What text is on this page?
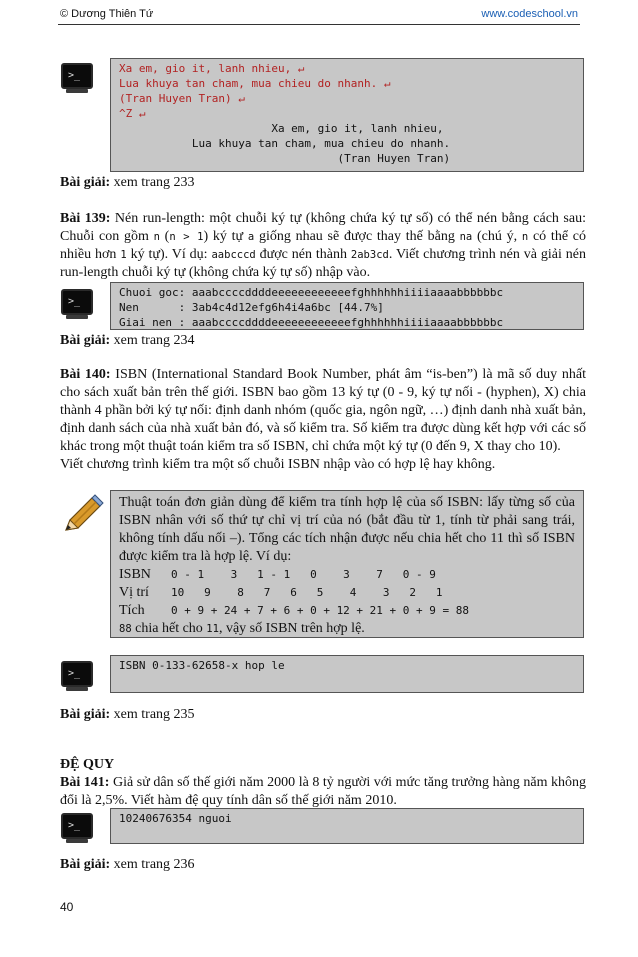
© Dương Thiên Tứ	www.codeschool.vn
>_
Xa em, gio it, lanh nhieu, ↵
Lua khuya tan cham, mua chieu do nhanh. ↵
(Tran Huyen Tran) ↵
^Z ↵
Xa em, gio it, lanh nhieu,
Lua khuya tan cham, mua chieu do nhanh.
(Tran Huyen Tran)
Bài giải: xem trang 233
Bài 139: Nén run-length: một chuỗi ký tự (không chứa ký tự số) có thể nén bằng cách sau: Chuỗi con gồm n (n > 1) ký tự a giống nhau sẽ được thay thế bằng na (chú ý, n có thể có nhiều hơn 1 ký tự). Ví dụ: aabcccd được nén thành 2ab3cd. Viết chương trình nén và giải nén run-length chuỗi ký tự (không chứa ký tự số) nhập vào.
>_
Chuoi goc: aaabccccddddeeeeeeeeeeeefghhhhhhiiiiaaaabbbbbbc
Nen      : 3ab4c4d12efg6h4i4a6bc [44.7%]
Giai nen : aaabccccddddeeeeeeeeeeeefghhhhhhiiiiaaaabbbbbbc
Bài giải: xem trang 234
Bài 140: ISBN (International Standard Book Number, phát âm “is-ben”) là mã số duy nhất cho sách xuất bản trên thế giới. ISBN bao gồm 13 ký tự (0 - 9, ký tự nối - (hyphen), X) chia thành 4 phần bởi ký tự nối: định danh nhóm (quốc gia, ngôn ngữ, …) định danh nhà xuất bản, định danh sách của nhà xuất bản đó, và số kiểm tra. Số kiểm tra được dùng kết hợp với các số khác trong một thuật toán kiểm tra số ISBN, chỉ chứa một ký tự (0 đến 9, X thay cho 10).
Viết chương trình kiểm tra một số chuỗi ISBN nhập vào có hợp lệ hay không.
Thuật toán đơn giản dùng để kiểm tra tính hợp lệ của số ISBN: lấy từng số của ISBN nhân với số thứ tự chỉ vị trí của nó (bắt đầu từ 1, tính từ phải sang trái, không tính dấu nối –). Tổng các tích nhận được nếu chia hết cho 11 thì số ISBN được kiểm tra là hợp lệ. Ví dụ:
ISBN 0 - 1    3   1 - 1   0    3    7   0 - 9
Vị trí 10   9    8   7   6   5    4    3   2   1
Tích 0 + 9 + 24 + 7 + 6 + 0 + 12 + 21 + 0 + 9 = 88
88 chia hết cho 11, vậy số ISBN trên hợp lệ.
>_
ISBN 0-133-62658-x hop le
Bài giải: xem trang 235
ĐỆ QUY
Bài 141: Giả sử dân số thế giới năm 2000 là 8 tỷ người với mức tăng trưởng hàng năm không đổi là 2,5%. Viết hàm đệ quy tính dân số thế giới năm 2010.
>_
10240676354 nguoi
Bài giải: xem trang 236
40
